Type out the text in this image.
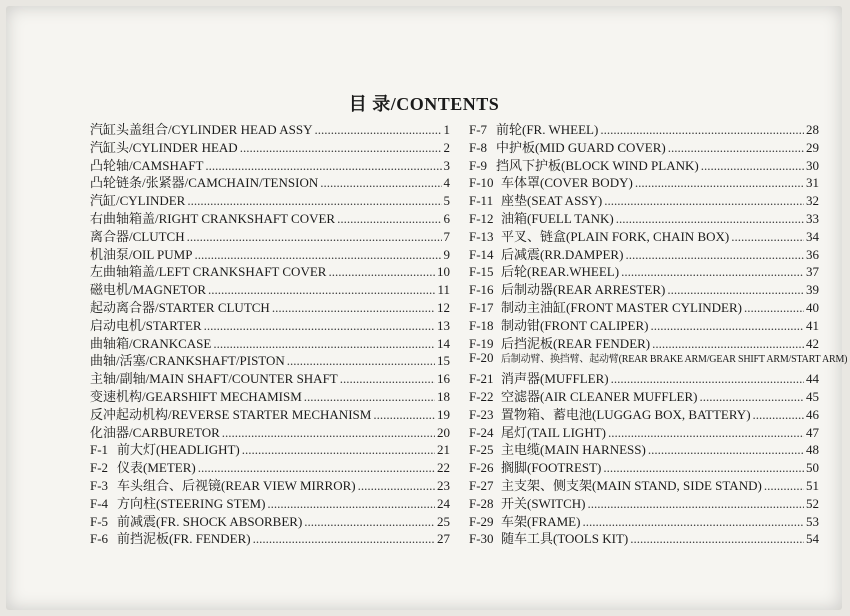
目 录/CONTENTS
汽缸头盖组合/CYLINDER HEAD ASSY .....	1
汽缸头/CYLINDER HEAD .....	2
凸轮轴/CAMSHAFT .....	3
凸轮链条/张紧器/CAMCHAIN/TENSION .....	4
汽缸/CYLINDER .....	5
右曲轴箱盖/RIGHT CRANKSHAFT COVER .....	6
离合器/CLUTCH .....	7
机油泵/OIL PUMP .....	9
左曲轴箱盖/LEFT CRANKSHAFT COVER .....	10
磁电机/MAGNETOR .....	11
起动离合器/STARTER CLUTCH .....	12
启动电机/STARTER .....	13
曲轴箱/CRANKCASE .....	14
曲轴/活塞/CRANKSHAFT/PISTON .....	15
主轴/副轴/MAIN SHAFT/COUNTER SHAFT .....	16
变速机构/GEARSHIFT MECHAMISM .....	18
反冲起动机构/REVERSE STARTER MECHANISM .....	19
化油器/CARBURETOR .....	20
F-1 前大灯(HEADLIGHT) .....	21
F-2 仪表(METER) .....	22
F-3 车头组合、后视镜(REAR VIEW MIRROR) .....	23
F-4 方向柱(STEERING STEM) .....	24
F-5 前减震(FR. SHOCK ABSORBER) .....	25
F-6 前挡泥板(FR. FENDER) .....	27
F-7 前轮(FR. WHEEL) .....	28
F-8 中护板(MID GUARD COVER) .....	29
F-9 挡风下护板(BLOCK WIND PLANK) .....	30
F-10 车体罩(COVER BODY) .....	31
F-11 座垫(SEAT ASSY) .....	32
F-12 油箱(FUELL TANK) .....	33
F-13 平叉、链盒(PLAIN FORK, CHAIN BOX) .....	34
F-14 后减震(RR.DAMPER) .....	36
F-15 后轮(REAR.WHEEL) .....	37
F-16 后制动器(REAR ARRESTER) .....	39
F-17 制动主油缸(FRONT MASTER CYLINDER) .....	40
F-18 制动钳(FRONT CALIPER) .....	41
F-19 后挡泥板(REAR FENDER) .....	42
F-20 后制动臂、换挡臂、起动臂(REAR BRAKE ARM/GEAR SHIFT ARM/START ARM)
F-21 消声器(MUFFLER) .....	44
F-22 空滤器(AIR CLEANER MUFFLER) .....	45
F-23 置物箱、蓄电池(LUGGAG BOX, BATTERY) .....	46
F-24 尾灯(TAIL LIGHT) .....	47
F-25 主电缆(MAIN HARNESS) .....	48
F-26 搁脚(FOOTREST) .....	50
F-27 主支架、侧支架(MAIN STAND, SIDE STAND) .....	51
F-28 开关(SWITCH) .....	52
F-29 车架(FRAME) .....	53
F-30 随车工具(TOOLS KIT) .....	54
